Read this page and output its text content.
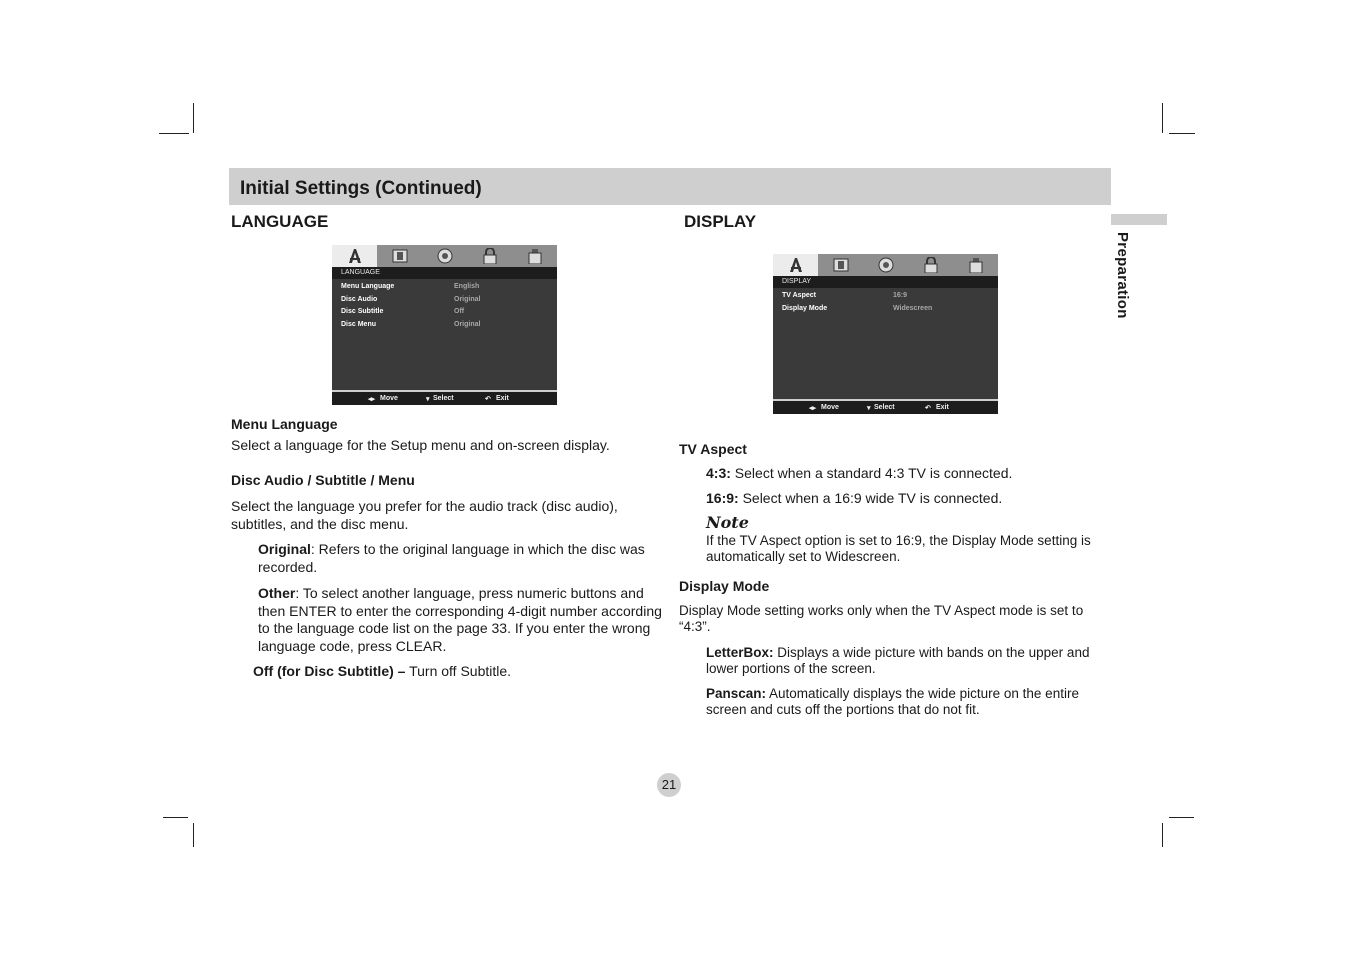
Initial Settings (Continued)
Preparation
LANGUAGE
LANGUAGE
Menu Language	English
Disc Audio	Original
Disc Subtitle	Off
Disc Menu	Original
◂▸ Move	▾ Select	↶ Exit

Menu Language

Select a language for the Setup menu and on-screen display.

Disc Audio / Subtitle / Menu

Select the language you prefer for the audio track (disc audio), subtitles, and the disc menu.

Original: Refers to the original language in which the disc was recorded.

Other: To select another language, press numeric buttons and then ENTER to enter the corresponding 4-digit number according to the language code list on the page 33. If you enter the wrong language code, press CLEAR.

Off (for Disc Subtitle) – Turn off Subtitle.

DISPLAY
DISPLAY
TV Aspect	16:9
Display Mode	Widescreen
◂▸ Move	▾ Select	↶ Exit

TV Aspect

4:3: Select when a standard 4:3 TV is connected.

16:9: Select when a 16:9 wide TV is connected.

Note

If the TV Aspect option is set to 16:9, the Display Mode setting is automatically set to Widescreen.

Display Mode

Display Mode setting works only when the TV Aspect mode is set to “4:3”.

LetterBox: Displays a wide picture with bands on the upper and lower portions of the screen.

Panscan: Automatically displays the wide picture on the entire screen and cuts off the portions that do not fit.

21
